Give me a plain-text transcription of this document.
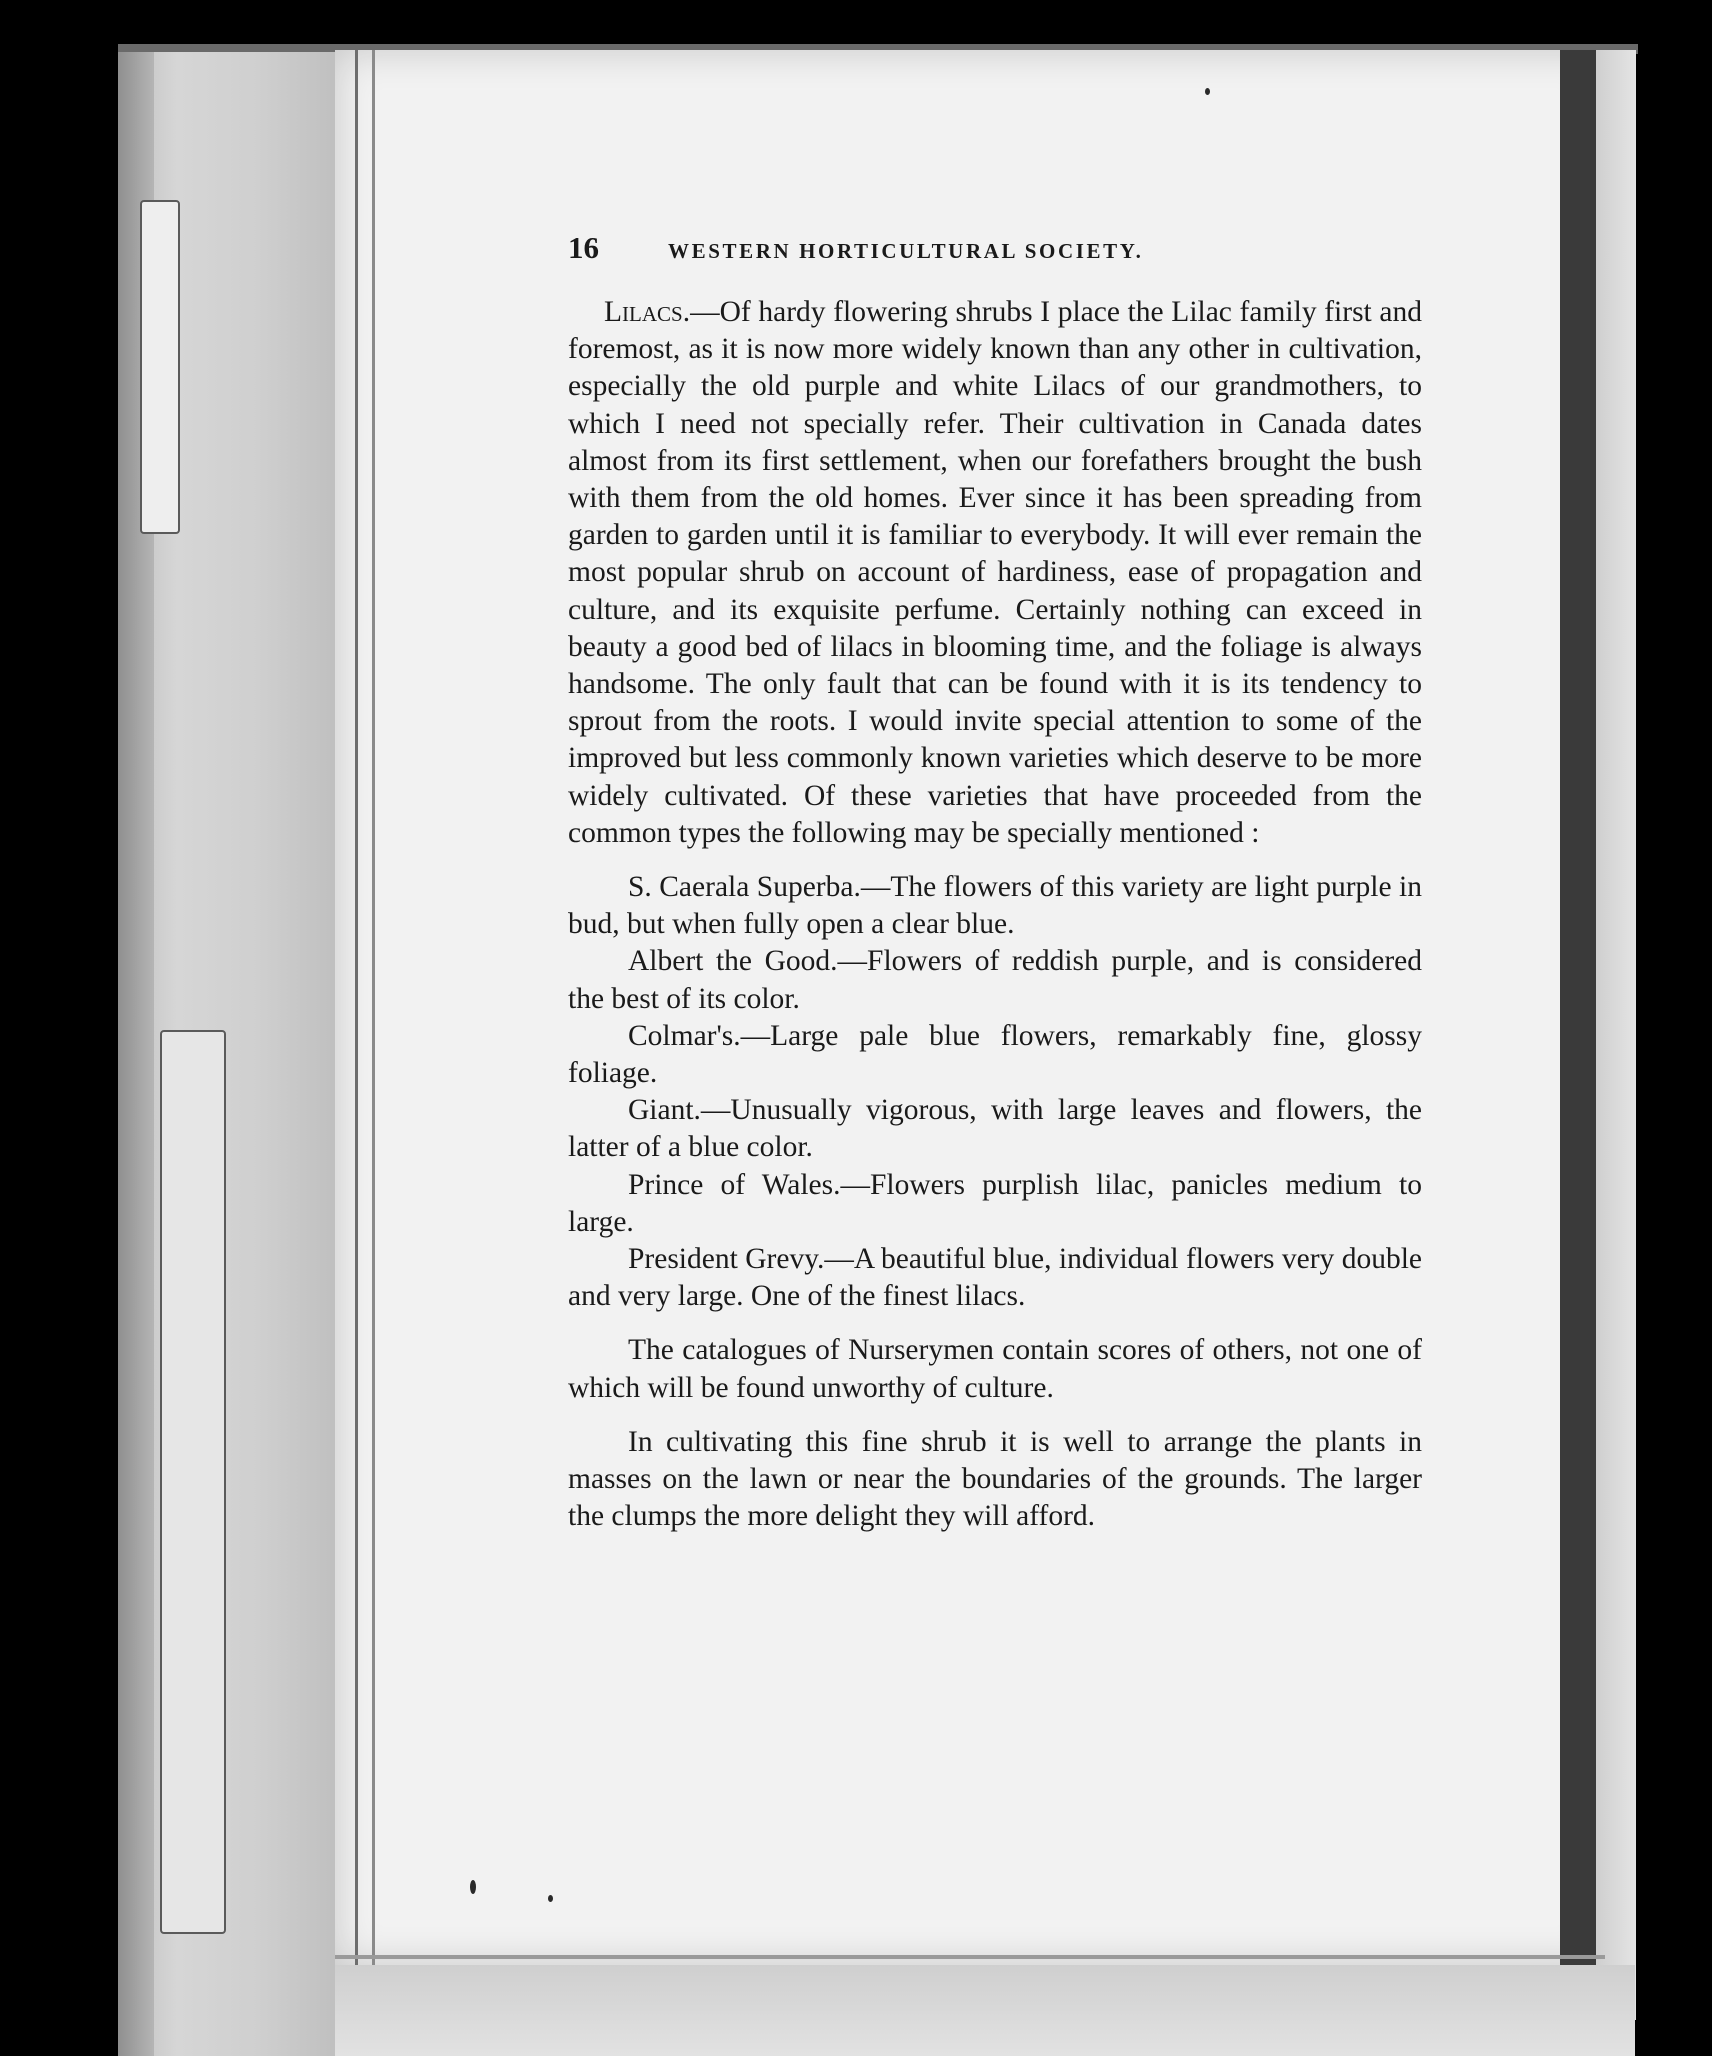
16	WESTERN HORTICULTURAL SOCIETY.

Lilacs.—Of hardy flowering shrubs I place the Lilac family first and foremost, as it is now more widely known than any other in cultivation, especially the old purple and white Lilacs of our grandmothers, to which I need not specially refer. Their cultivation in Canada dates almost from its first settlement, when our forefathers brought the bush with them from the old homes. Ever since it has been spreading from garden to garden until it is familiar to everybody. It will ever remain the most popular shrub on account of hardiness, ease of propagation and culture, and its exquisite perfume. Certainly nothing can exceed in beauty a good bed of lilacs in blooming time, and the foliage is always handsome. The only fault that can be found with it is its tendency to sprout from the roots. I would invite special attention to some of the improved but less commonly known varieties which deserve to be more widely cultivated. Of these varieties that have proceeded from the common types the following may be specially mentioned :

S. Caerala Superba.—The flowers of this variety are light purple in bud, but when fully open a clear blue.

Albert the Good.—Flowers of reddish purple, and is considered the best of its color.

Colmar's.—Large pale blue flowers, remarkably fine, glossy foliage.

Giant.—Unusually vigorous, with large leaves and flowers, the latter of a blue color.

Prince of Wales.—Flowers purplish lilac, panicles medium to large.

President Grevy.—A beautiful blue, individual flowers very double and very large. One of the finest lilacs.

The catalogues of Nurserymen contain scores of others, not one of which will be found unworthy of culture.

In cultivating this fine shrub it is well to arrange the plants in masses on the lawn or near the boundaries of the grounds. The larger the clumps the more delight they will afford.
